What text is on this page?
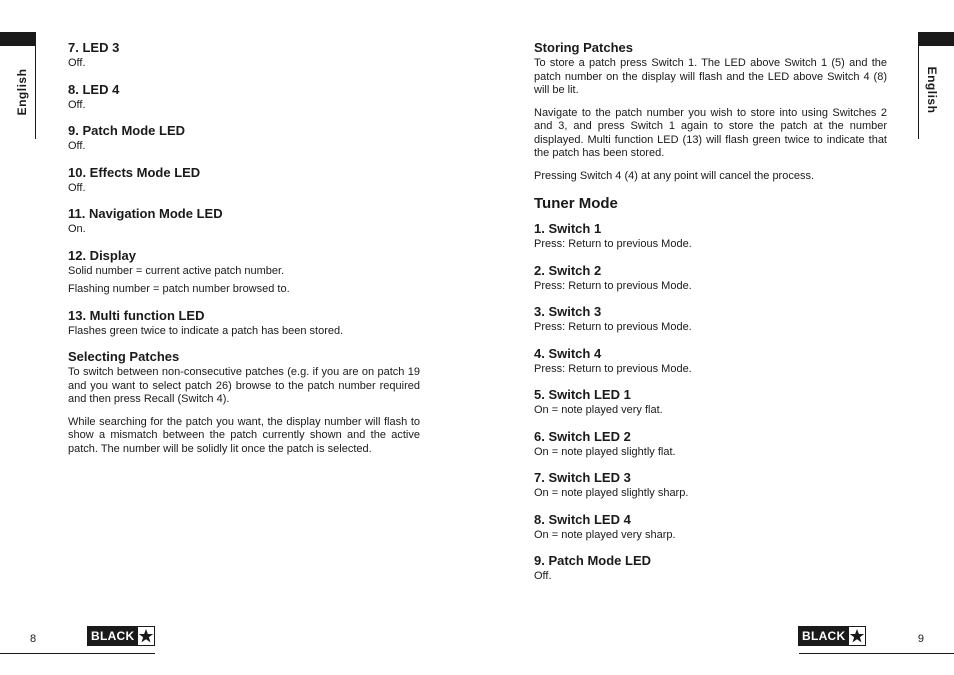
English

7. LED 3

Off.

8. LED 4

Off.

9. Patch Mode LED

Off.

10. Effects Mode LED

Off.

11. Navigation Mode LED

On.

12. Display

Solid number = current active patch number.

Flashing number = patch number browsed to.

13. Multi function LED

Flashes green twice to indicate a patch has been stored.

Selecting Patches

To switch between non-consecutive patches (e.g. if you are on patch 19 and you want to select patch 26) browse to the patch number required and then press Recall (Switch 4).

While searching for the patch you want, the display number will flash to show a mismatch between the patch currently shown and the active patch. The number will be solidly lit once the patch is selected.

8	BLACK
English

Storing Patches

To store a patch press Switch 1. The LED above Switch 1 (5) and the patch number on the display will flash and the LED above Switch 4 (8) will be lit.

Navigate to the patch number you wish to store into using Switches 2 and 3, and press Switch 1 again to store the patch at the number displayed. Multi function LED (13) will flash green twice to indicate that the patch has been stored.

Pressing Switch 4 (4) at any point will cancel the process.

Tuner Mode

1. Switch 1

Press: Return to previous Mode.

2. Switch 2

Press: Return to previous Mode.

3. Switch 3

Press: Return to previous Mode.

4. Switch 4

Press: Return to previous Mode.

5. Switch LED 1

On = note played very flat.

6. Switch LED 2

On = note played slightly flat.

7. Switch LED 3

On = note played slightly sharp.

8. Switch LED 4

On = note played very sharp.

9. Patch Mode LED

Off.

9
BLACK
